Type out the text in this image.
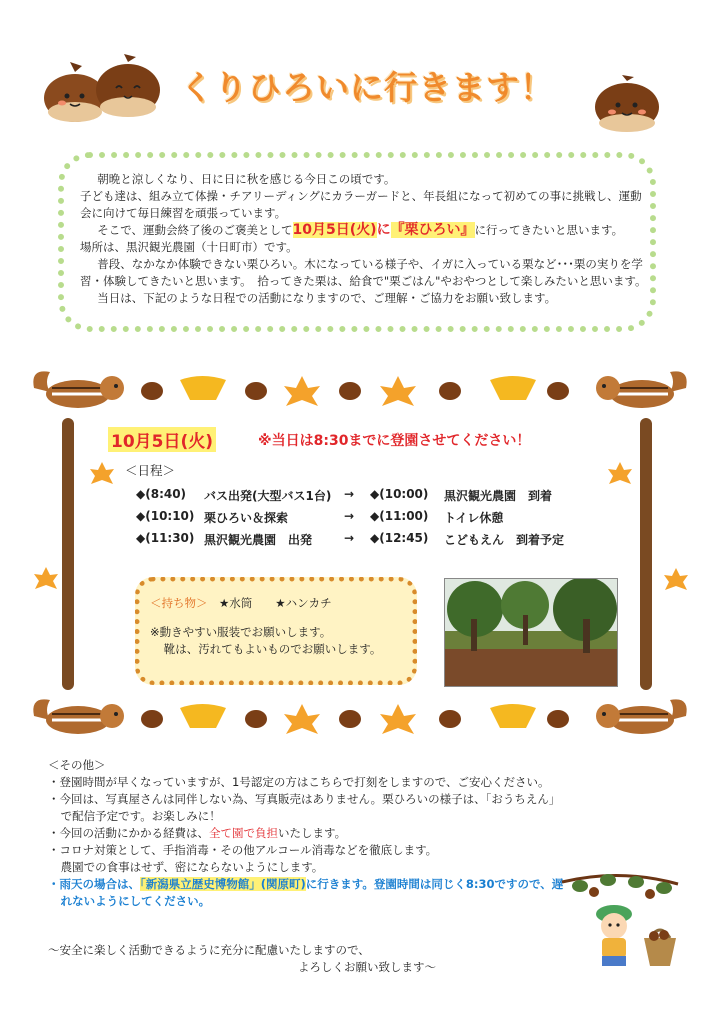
くりひろいに行きます！

朝晩と涼しくなり、日に日に秋を感じる今日この頃です。

子ども達は、組み立て体操・チアリーディングにカラーガードと、年長組になって初めての事に挑戦し、運動会に向けて毎日練習を頑張っています。

そこで、運動会終了後のご褒美として10月5日(火)に『栗ひろい』に行ってきたいと思います。

場所は、黒沢観光農園（十日町市）です。

普段、なかなか体験できない栗ひろい。木になっている様子や、イガに入っている栗など･･･栗の実りを学習・体験してきたいと思います。　拾ってきた栗は、給食で"栗ごはん"やおやつとして楽しみたいと思います。

当日は、下記のような日程での活動になりますので、ご理解・ご協力をお願い致します。

10月5日(火)	※当日は8:30までに登園させてください！
＜日程＞
◆(8:40) バス出発(大型バス1台) → ◆(10:00) 黒沢観光農園　到着
◆(10:10) 栗ひろい＆探索	→ ◆(11:00) トイレ休憩
◆(11:30) 黒沢観光農園　出発	→ ◆(12:45) こどもえん　到着予定

＜持ち物＞　 ★水筒　　★ハンカチ

※動きやすい服装でお願いします。

靴は、汚れてもよいものでお願いします。

＜その他＞

・登園時間が早くなっていますが、1号認定の方はこちらで打刻をしますので、ご安心ください。

・今回は、写真屋さんは同伴しない為、写真販売はありません。栗ひろいの様子は、「おうちえん」で配信予定です。お楽しみに！

・今回の活動にかかる経費は、全て園で負担いたします。

・コロナ対策として、手指消毒・その他アルコール消毒などを徹底します。

農園での食事はせず、密にならないようにします。

・雨天の場合は、「新潟県立歴史博物館」(関原町)に行きます。登園時間は同じく8:30ですので、遅れないようにしてください。

～安全に楽しく活動できるように充分に配慮いたしますので、

よろしくお願い致します～
